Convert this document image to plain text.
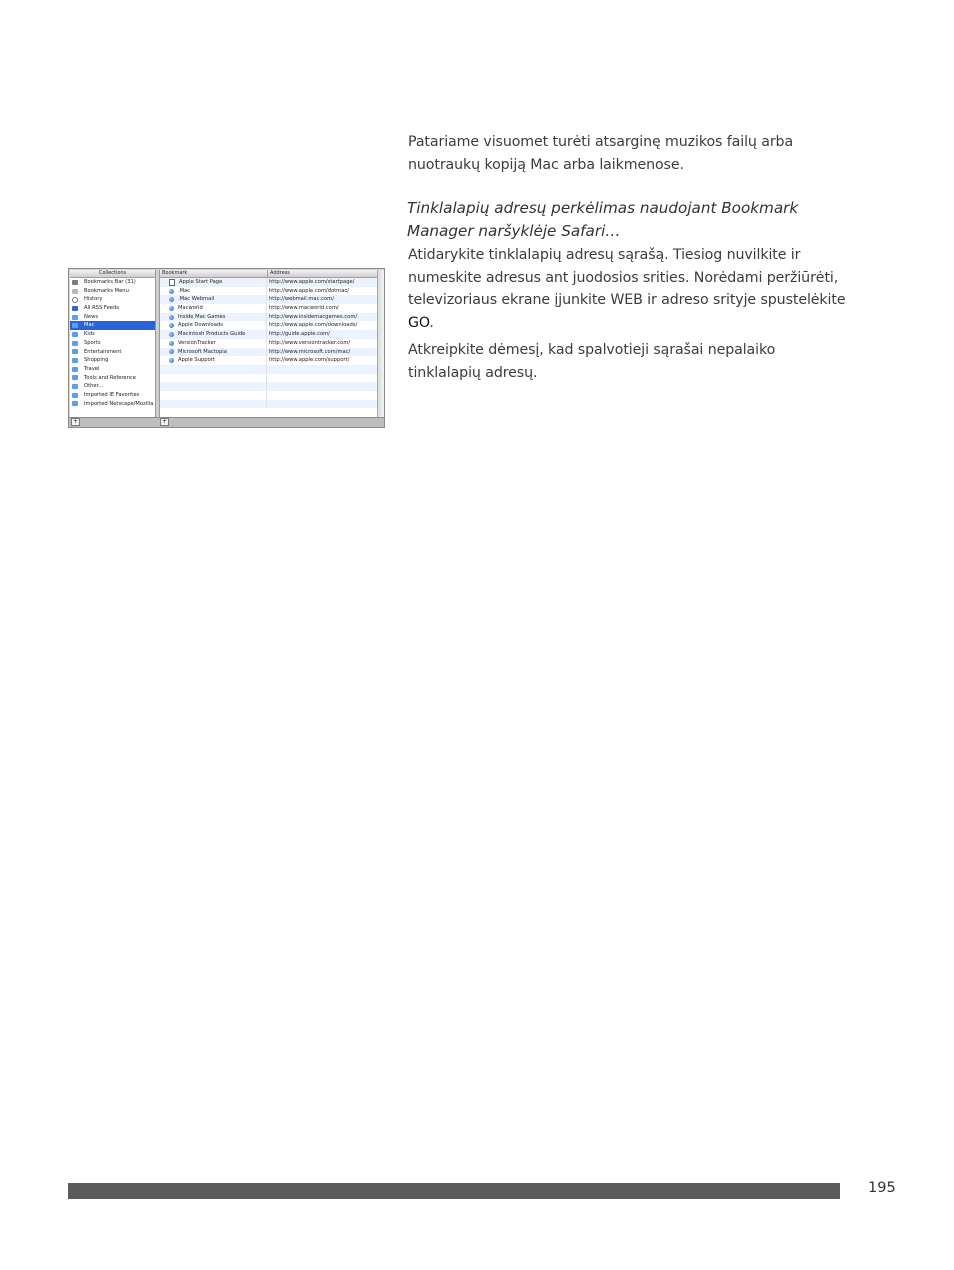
Collections
Bookmarks Bar (31)
Bookmarks Menu
History
All RSS Feeds
News
Mac
Kids
Sports
Entertainment
Shopping
Travel
Tools and Reference
Other...
Imported IE Favorites
Imported Netscape/Mozilla
Bookmark	Address
Apple Start Page	http://www.apple.com/startpage/
.Mac	http://www.apple.com/dotmac/
.Mac Webmail	http://webmail.mac.com/
Macworld	http://www.macworld.com/
Inside Mac Games	http://www.insidemacgames.com/
Apple Downloads	http://www.apple.com/downloads/
Macintosh Products Guide	http://guide.apple.com/
VersionTracker	http://www.versiontracker.com/
Microsoft Mactopia	http://www.microsoft.com/mac/
Apple Support	http://www.apple.com/support/
+	+

Patariame visuomet turėti atsarginę muzikos failų arba nuotraukų kopiją Mac arba laikmenose.

Tinklalapių adresų perkėlimas naudojant Bookmark Manager naršyklėje Safari…

Atidarykite tinklalapių adresų sąrašą. Tiesiog nuvilkite ir numeskite adresus ant juodosios srities. Norėdami peržiūrėti, televizoriaus ekrane įjunkite WEB ir adreso srityje spustelėkite GO.

Atkreipkite dėmesį, kad spalvotieji sąrašai nepalaiko tinklalapių adresų.

195
